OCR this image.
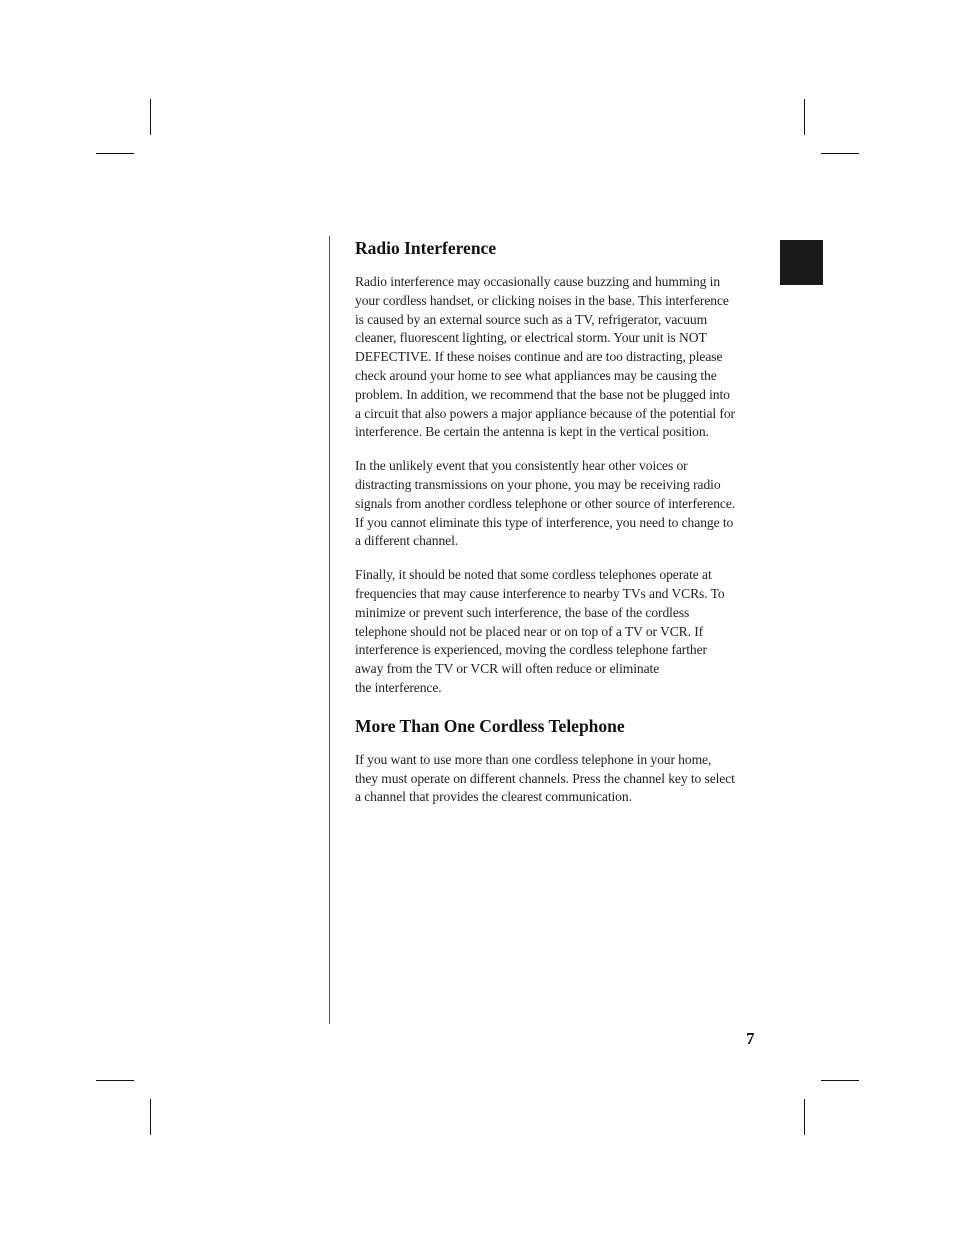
Radio Interference

Radio interference may occasionally cause buzzing and humming in
your cordless handset, or clicking noises in the base. This interference
is caused by an external source such as a TV, refrigerator, vacuum
cleaner, fluorescent lighting, or electrical storm. Your unit is NOT
DEFECTIVE. If these noises continue and are too distracting, please
check around your home to see what appliances may be causing the
problem. In addition, we recommend that the base not be plugged into
a circuit that also powers a major appliance because of the potential for
interference. Be certain the antenna is kept in the vertical position.

In the unlikely event that you consistently hear other voices or
distracting transmissions on your phone, you may be receiving radio
signals from another cordless telephone or other source of interference.
If you cannot eliminate this type of interference, you need to change to
a different channel.

Finally, it should be noted that some cordless telephones operate at
frequencies that may cause interference to nearby TVs and VCRs. To
minimize or prevent such interference, the base of the cordless
telephone should not be placed near or on top of a TV or VCR. If
interference is experienced, moving the cordless telephone farther
away from the TV or VCR will often reduce or eliminate
the interference.

More Than One Cordless Telephone

If you want to use more than one cordless telephone in your home,
they must operate on different channels. Press the channel key to select
a channel that provides the clearest communication.

7
